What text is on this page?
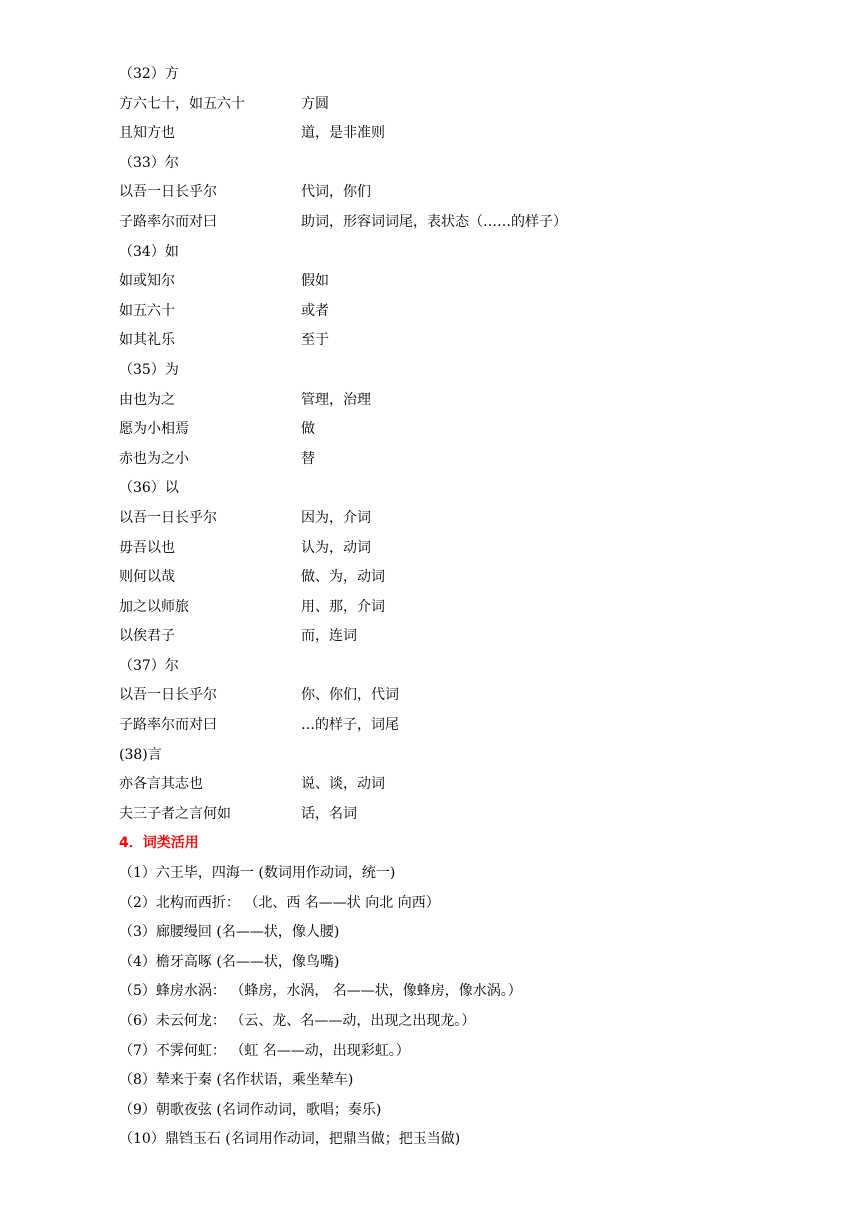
（32）方
方六七十，如五六十	方圆
且知方也	道，是非准则
（33）尔
以吾一日长乎尔	代词，你们
子路率尔而对曰	助词，形容词词尾，表状态（……的样子）
（34）如
如或知尔	假如
如五六十	或者
如其礼乐	至于
（35）为
由也为之	管理，治理
愿为小相焉	做
赤也为之小	替
（36）以
以吾一日长乎尔	因为，介词
毋吾以也	认为，动词
则何以哉	做、为，动词
加之以师旅	用、那，介词
以俟君子	而，连词
（37）尔
以吾一日长乎尔	你、你们，代词
子路率尔而对曰	…的样子，词尾
(38)言
亦各言其志也	说、谈，动词
夫三子者之言何如	话，名词
4．词类活用
（1）六王毕，四海一 (数词用作动词，统一)
（2）北构而西折： （北、西 名——状 向北 向西）
（3）廊腰缦回 (名——状，像人腰)
（4）檐牙高啄 (名——状，像鸟嘴)
（5）蜂房水涡： （蜂房，水涡， 名——状，像蜂房，像水涡。）
（6）未云何龙： （云、龙、名——动，出现之出现龙。）
（7）不霁何虹： （虹 名——动，出现彩虹。）
（8）辇来于秦 (名作状语，乘坐辇车)
（9）朝歌夜弦 (名词作动词，歌唱；奏乐)
（10）鼎铛玉石 (名词用作动词，把鼎当做；把玉当做)
